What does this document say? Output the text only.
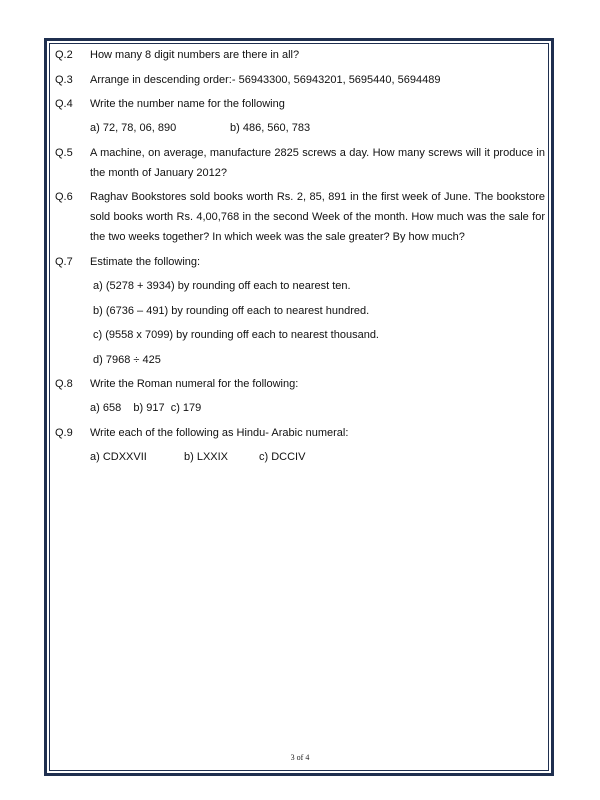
Q.2	How many 8 digit numbers are there in all?
Q.3	Arrange in descending order:- 56943300, 56943201, 5695440, 5694489
Q.4	Write the number name for the following
a) 72, 78, 06, 890	b) 486, 560, 783
Q.5	A machine, on average, manufacture 2825 screws a day. How many screws will it produce in the month of January 2012?
Q.6	Raghav Bookstores sold books worth Rs. 2, 85, 891 in the first week of June. The bookstore sold books worth Rs. 4,00,768 in the second Week of the month. How much was the sale for the two weeks together? In which week was the sale greater? By how much?
Q.7	Estimate the following:
a) (5278 + 3934) by rounding off each to nearest ten.
b) (6736 – 491) by rounding off each to nearest hundred.
c) (9558 x 7099) by rounding off each to nearest thousand.
d) 7968 ÷ 425
Q.8	Write the Roman numeral for the following:
a) 658    b) 917  c) 179
Q.9	Write each of the following as Hindu- Arabic numeral:
a) CDXXVII	b) LXXIX	c) DCCIV
3 of 4
